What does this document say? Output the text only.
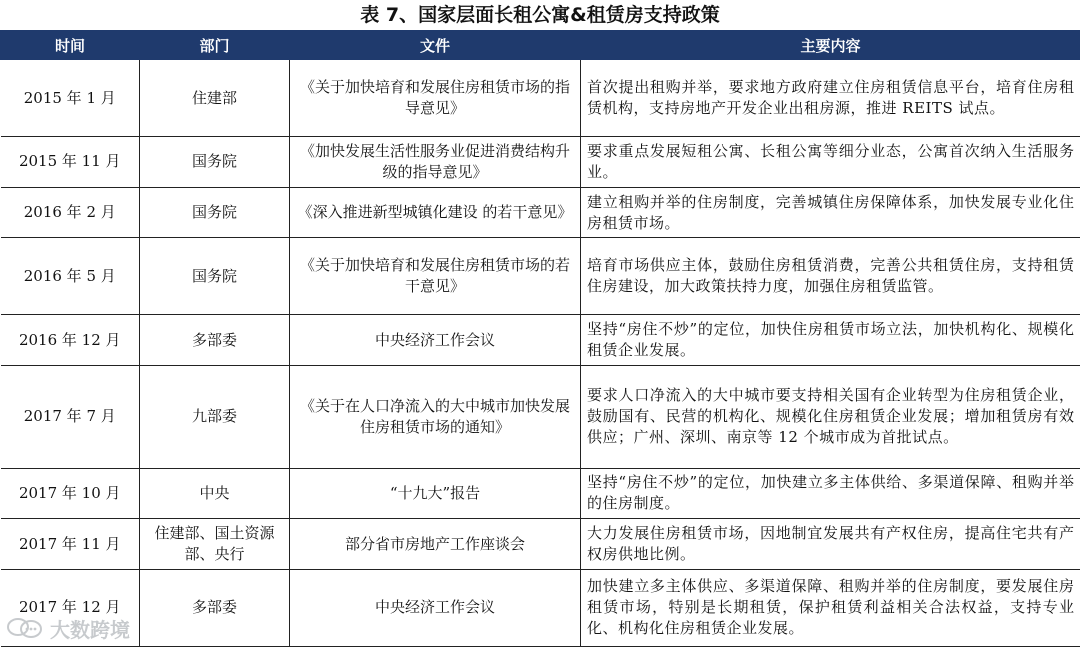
表 7、国家层面长租公寓&租赁房支持政策
时间	部门	文件	主要内容
2015 年 1 月	住建部	《关于加快培育和发展住房租赁市场的指导意见》	首次提出租购并举，要求地方政府建立住房租赁信息平台，培育住房租赁机构，支持房地产开发企业出租房源，推进 REITS 试点。
2015 年 11 月	国务院	《加快发展生活性服务业促进消费结构升级的指导意见》	要求重点发展短租公寓、长租公寓等细分业态，公寓首次纳入生活服务业。
2016 年 2 月	国务院	《深入推进新型城镇化建设 的若干意见》	建立租购并举的住房制度，完善城镇住房保障体系，加快发展专业化住房租赁市场。
2016 年 5 月	国务院	《关于加快培育和发展住房租赁市场的若干意见》	培育市场供应主体，鼓励住房租赁消费，完善公共租赁住房，支持租赁住房建设，加大政策扶持力度，加强住房租赁监管。
2016 年 12 月	多部委	中央经济工作会议	坚持“房住不炒”的定位，加快住房租赁市场立法，加快机构化、规模化租赁企业发展。
2017 年 7 月	九部委	《关于在人口净流入的大中城市加快发展住房租赁市场的通知》	要求人口净流入的大中城市要支持相关国有企业转型为住房租赁企业，鼓励国有、民营的机构化、规模化住房租赁企业发展；增加租赁房有效供应；广州、深圳、南京等 12 个城市成为首批试点。
2017 年 10 月	中央	“十九大”报告	坚持“房住不炒”的定位，加快建立多主体供给、多渠道保障、租购并举的住房制度。
2017 年 11 月	住建部、国土资源部、央行	部分省市房地产工作座谈会	大力发展住房租赁市场，因地制宜发展共有产权住房，提高住宅共有产权房供地比例。
2017 年 12 月	多部委	中央经济工作会议	加快建立多主体供应、多渠道保障、租购并举的住房制度，要发展住房租赁市场，特别是长期租赁，保护租赁利益相关合法权益，支持专业化、机构化住房租赁企业发展。
大数跨境
